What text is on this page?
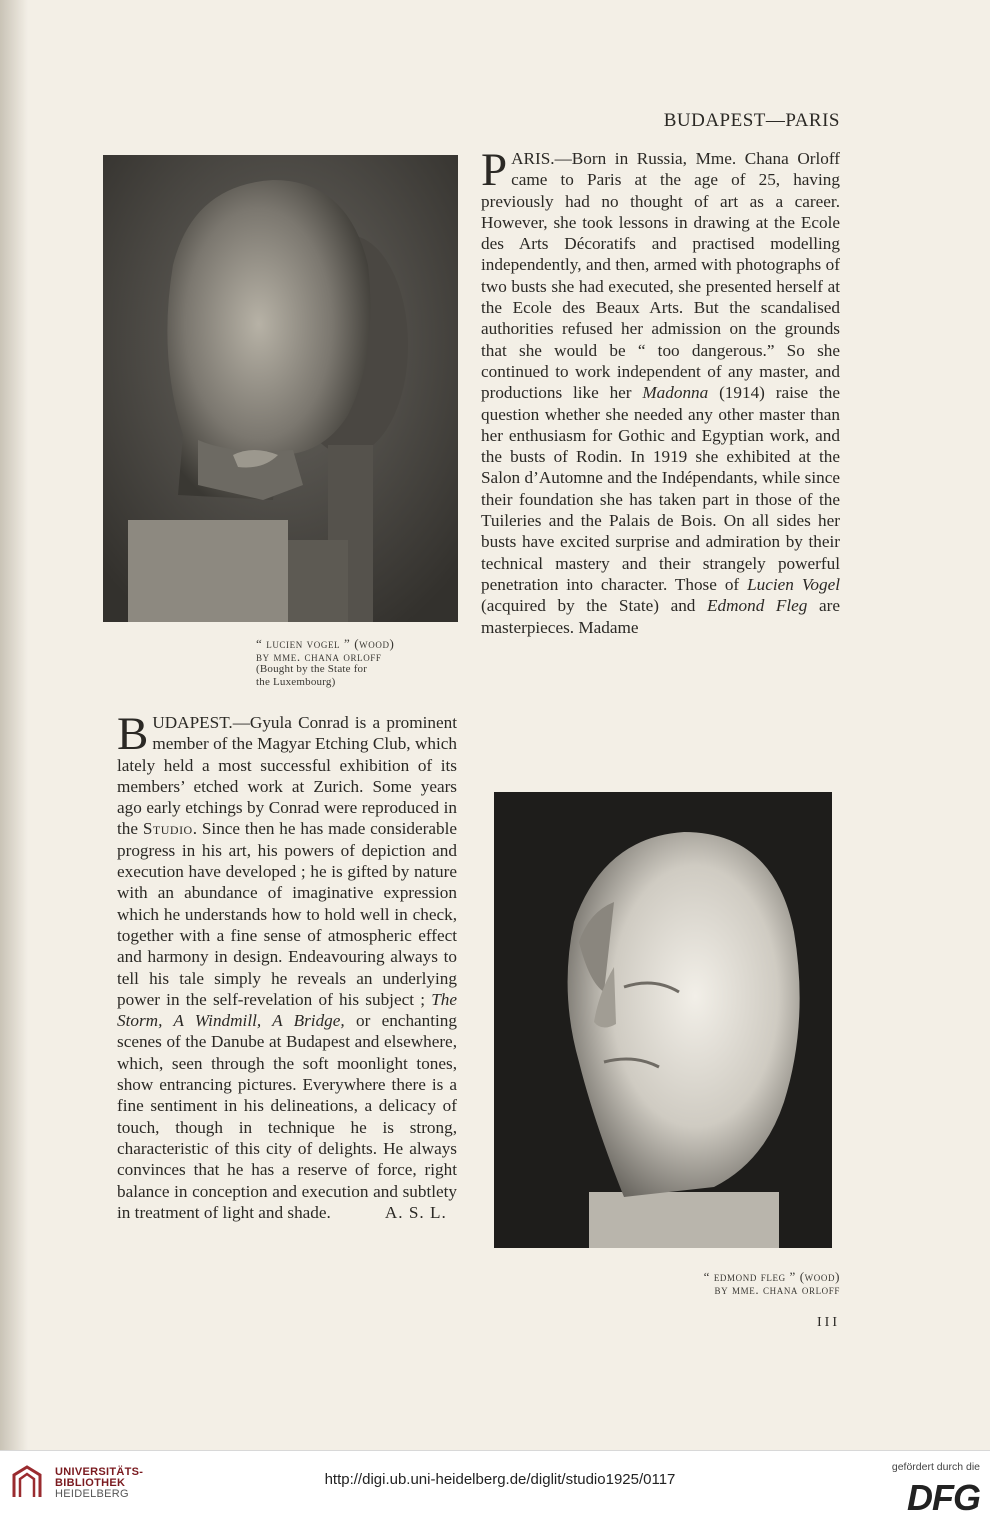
BUDAPEST—PARIS
“ lucien vogel ” (wood)
by mme. chana orloff
(Bought by the State for
the Luxembourg)

PARIS.—Born in Russia, Mme. Chana Orloff came to Paris at the age of 25, having previously had no thought of art as a career. However, she took lessons in drawing at the Ecole des Arts Décoratifs and practised modelling independently, and then, armed with photographs of two busts she had executed, she presented herself at the Ecole des Beaux Arts. But the scandalised authorities refused her admission on the grounds that she would be “ too dangerous.” So she continued to work independent of any master, and productions like her Madonna (1914) raise the question whether she needed any other master than her enthusiasm for Gothic and Egyptian work, and the busts of Rodin. In 1919 she exhibited at the Salon d’Automne and the Indépendants, while since their foundation she has taken part in those of the Tuileries and the Palais de Bois. On all sides her busts have excited surprise and admiration by their technical mastery and their strangely powerful penetration into character. Those of Lucien Vogel (acquired by the State) and Edmond Fleg are masterpieces. Madame

BUDAPEST.—Gyula Conrad is a prominent member of the Magyar Etching Club, which lately held a most successful exhibition of its members’ etched work at Zurich. Some years ago early etchings by Conrad were reproduced in the Studio. Since then he has made considerable progress in his art, his powers of depiction and execution have developed ; he is gifted by nature with an abundance of imaginative expression which he understands how to hold well in check, together with a fine sense of atmospheric effect and harmony in design. Endeavouring always to tell his tale simply he reveals an underlying power in the self-revelation of his subject ; The Storm, A Windmill, A Bridge, or enchanting scenes of the Danube at Budapest and elsewhere, which, seen through the soft moonlight tones, show entrancing pictures. Everywhere there is a fine sentiment in his delineations, a delicacy of touch, though in technique he is strong, characteristic of this city of delights. He always convinces that he has a reserve of force, right balance in conception and execution and subtlety in treatment of light and shade.	A. S. L.

“ edmond fleg ” (wood)
by mme. chana orloff
III
UNIVERSITÄTS-
BIBLIOTHEK
HEIDELBERG
http://digi.ub.uni-heidelberg.de/diglit/studio1925/0117
gefördert durch die
DFG
